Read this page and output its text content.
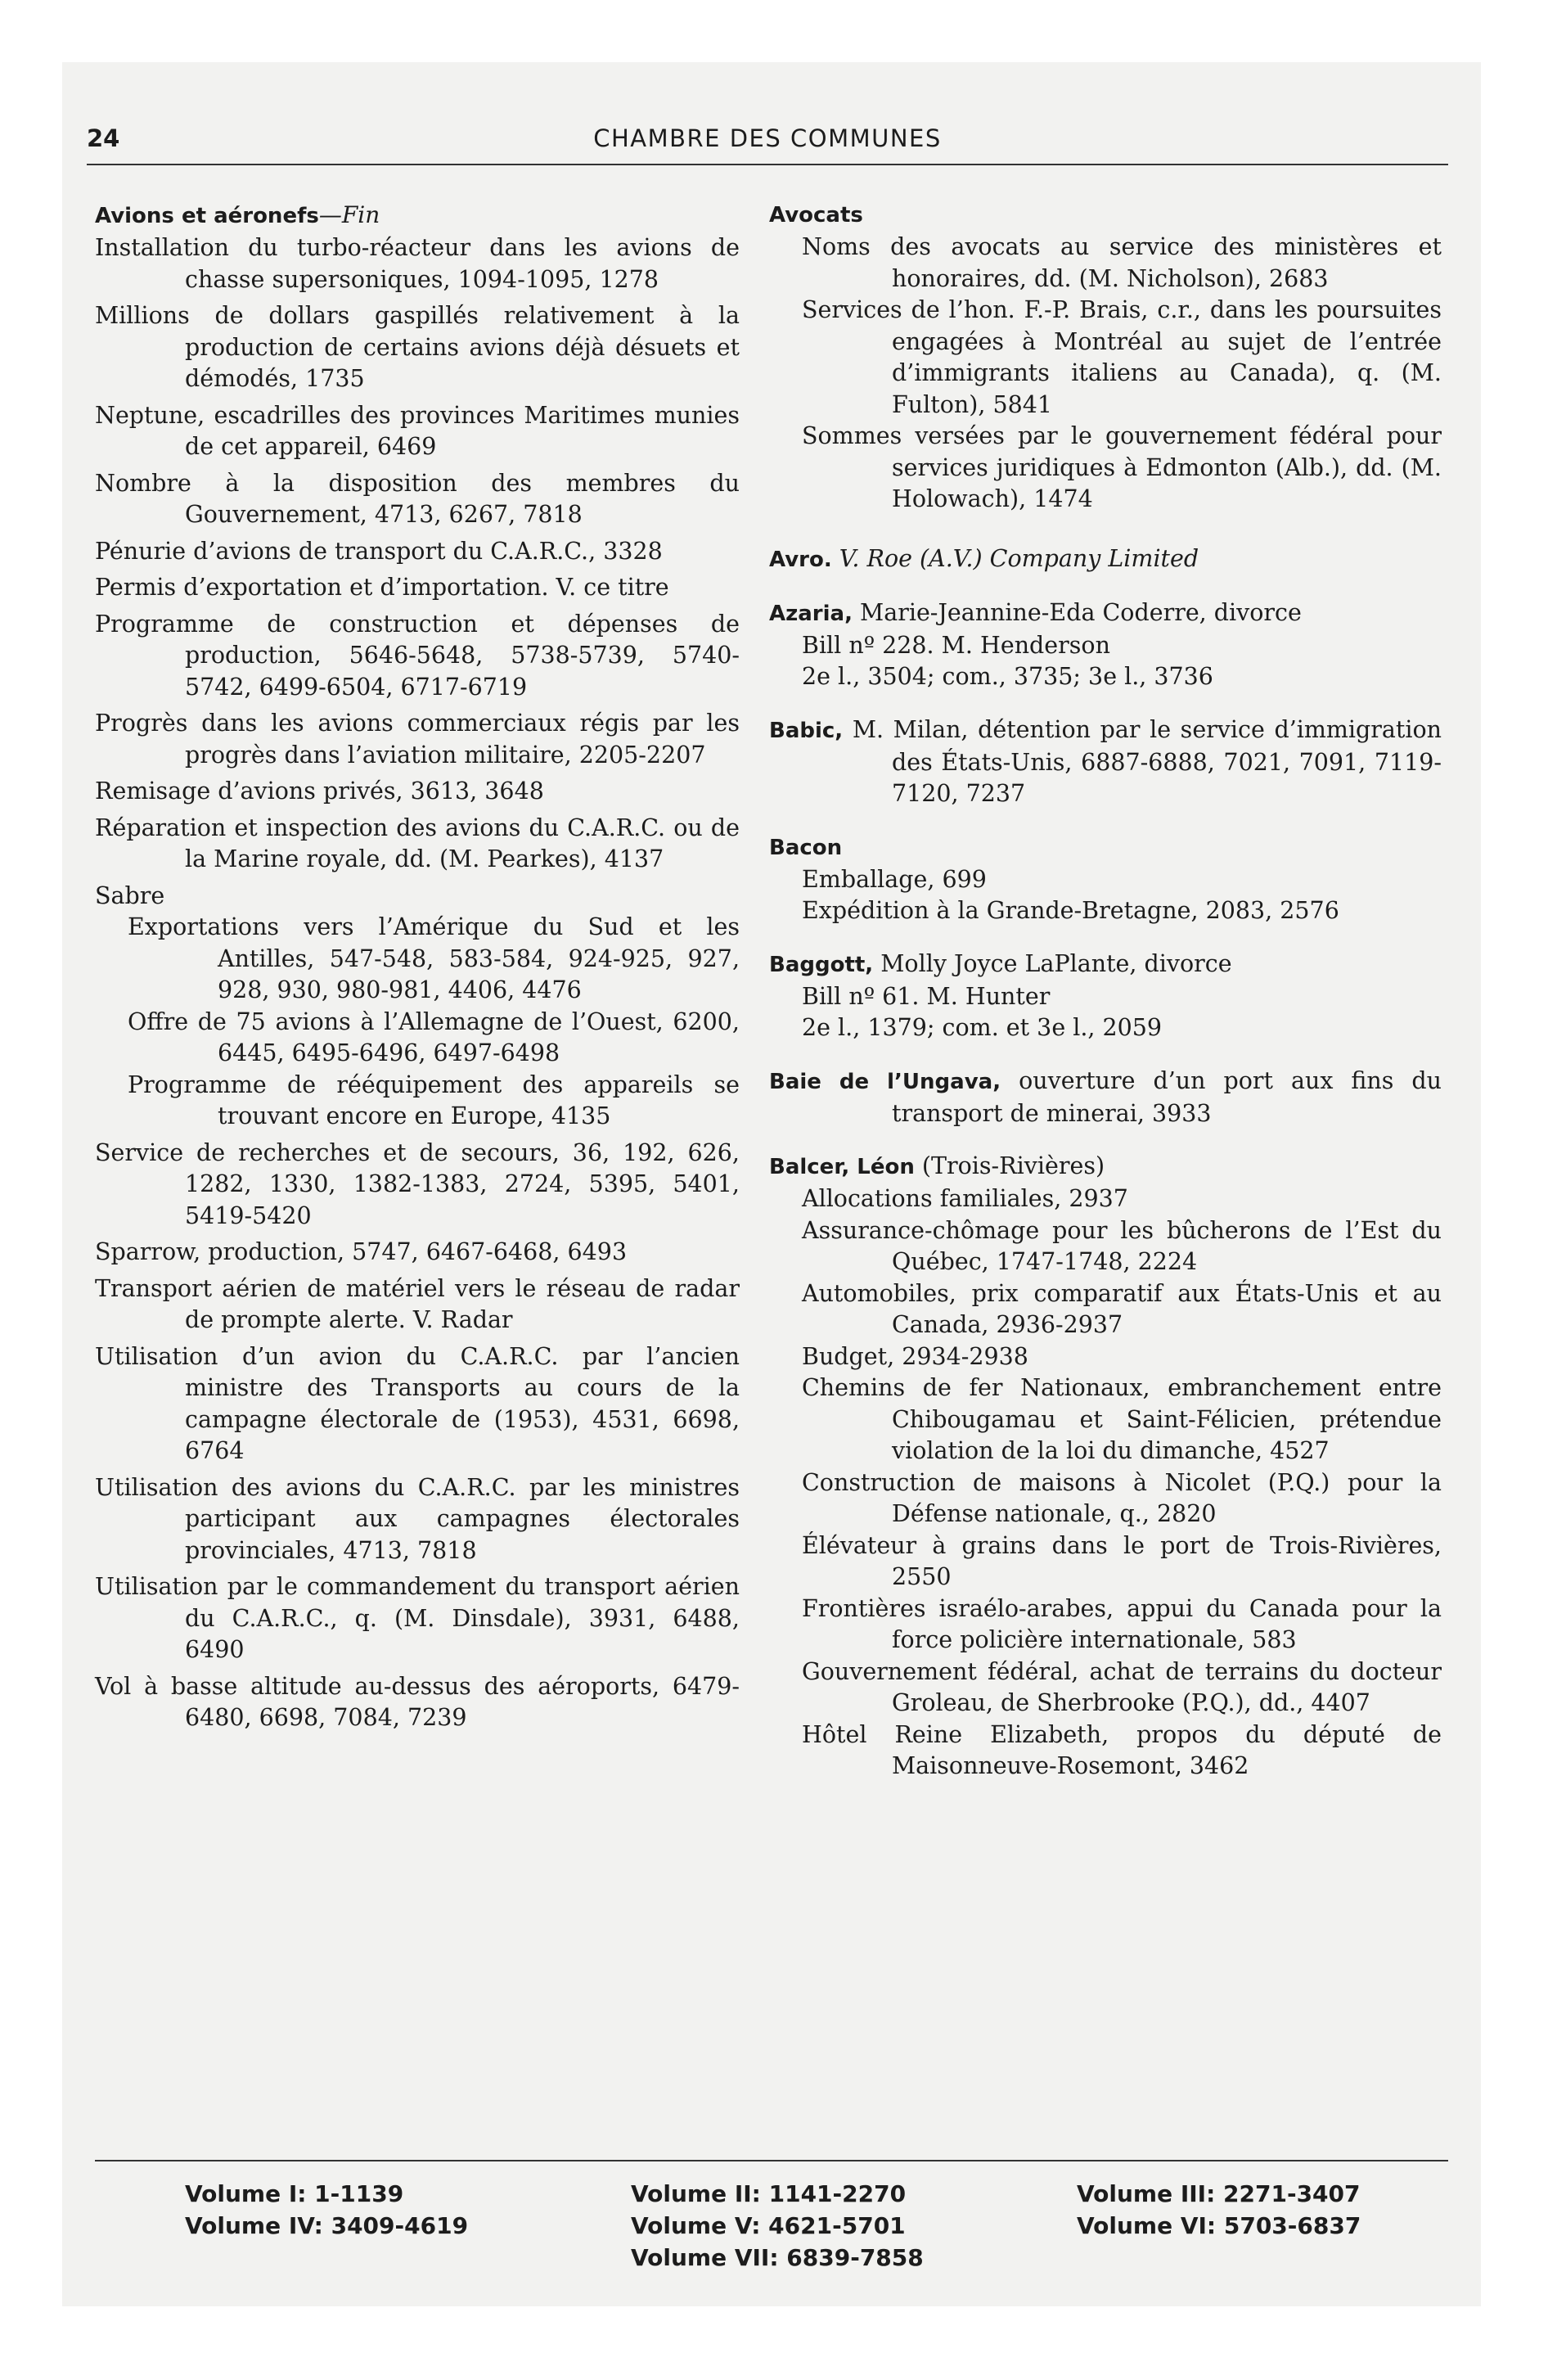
24	CHAMBRE DES COMMUNES
Avions et aéronefs—Fin
Installation du turbo-réacteur dans les avions de chasse supersoniques, 1094-1095, 1278
Millions de dollars gaspillés relativement à la production de certains avions déjà désuets et démodés, 1735
Neptune, escadrilles des provinces Maritimes munies de cet appareil, 6469
Nombre à la disposition des membres du Gouvernement, 4713, 6267, 7818
Pénurie d’avions de transport du C.A.R.C., 3328
Permis d’exportation et d’importation. V. ce titre
Programme de construction et dépenses de production, 5646-5648, 5738-5739, 5740-5742, 6499-6504, 6717-6719
Progrès dans les avions commerciaux régis par les progrès dans l’aviation militaire, 2205-2207
Remisage d’avions privés, 3613, 3648
Réparation et inspection des avions du C.A.R.C. ou de la Marine royale, dd. (M. Pearkes), 4137
Sabre
Exportations vers l’Amérique du Sud et les Antilles, 547-548, 583-584, 924-925, 927, 928, 930, 980-981, 4406, 4476
Offre de 75 avions à l’Allemagne de l’Ouest, 6200, 6445, 6495-6496, 6497-6498
Programme de rééquipement des appareils se trouvant encore en Europe, 4135
Service de recherches et de secours, 36, 192, 626, 1282, 1330, 1382-1383, 2724, 5395, 5401, 5419-5420
Sparrow, production, 5747, 6467-6468, 6493
Transport aérien de matériel vers le réseau de radar de prompte alerte. V. Radar
Utilisation d’un avion du C.A.R.C. par l’ancien ministre des Transports au cours de la campagne électorale de (1953), 4531, 6698, 6764
Utilisation des avions du C.A.R.C. par les ministres participant aux campagnes électorales provinciales, 4713, 7818
Utilisation par le commandement du transport aérien du C.A.R.C., q. (M. Dinsdale), 3931, 6488, 6490
Vol à basse altitude au-dessus des aéroports, 6479-6480, 6698, 7084, 7239
Avocats
Noms des avocats au service des ministères et honoraires, dd. (M. Nicholson), 2683
Services de l’hon. F.-P. Brais, c.r., dans les poursuites engagées à Montréal au sujet de l’entrée d’immigrants italiens au Canada), q. (M. Fulton), 5841
Sommes versées par le gouvernement fédéral pour services juridiques à Edmonton (Alb.), dd. (M. Holowach), 1474
Avro. V. Roe (A.V.) Company Limited
Azaria, Marie-Jeannine-Eda Coderre, divorce
Bill nº 228. M. Henderson
2e l., 3504; com., 3735; 3e l., 3736
Babic, M. Milan, détention par le service d’immigration des États-Unis, 6887-6888, 7021, 7091, 7119-7120, 7237
Bacon
Emballage, 699
Expédition à la Grande-Bretagne, 2083, 2576
Baggott, Molly Joyce LaPlante, divorce
Bill nº 61. M. Hunter
2e l., 1379; com. et 3e l., 2059
Baie de l’Ungava, ouverture d’un port aux fins du transport de minerai, 3933
Balcer, Léon (Trois-Rivières)
Allocations familiales, 2937
Assurance-chômage pour les bûcherons de l’Est du Québec, 1747-1748, 2224
Automobiles, prix comparatif aux États-Unis et au Canada, 2936-2937
Budget, 2934-2938
Chemins de fer Nationaux, embranchement entre Chibougamau et Saint-Félicien, prétendue violation de la loi du dimanche, 4527
Construction de maisons à Nicolet (P.Q.) pour la Défense nationale, q., 2820
Élévateur à grains dans le port de Trois-Rivières, 2550
Frontières israélo-arabes, appui du Canada pour la force policière internationale, 583
Gouvernement fédéral, achat de terrains du docteur Groleau, de Sherbrooke (P.Q.), dd., 4407
Hôtel Reine Elizabeth, propos du député de Maisonneuve-Rosemont, 3462
Volume I: 1-1139
Volume IV: 3409-4619
Volume II: 1141-2270
Volume V: 4621-5701
Volume VII: 6839-7858
Volume III: 2271-3407
Volume VI: 5703-6837
